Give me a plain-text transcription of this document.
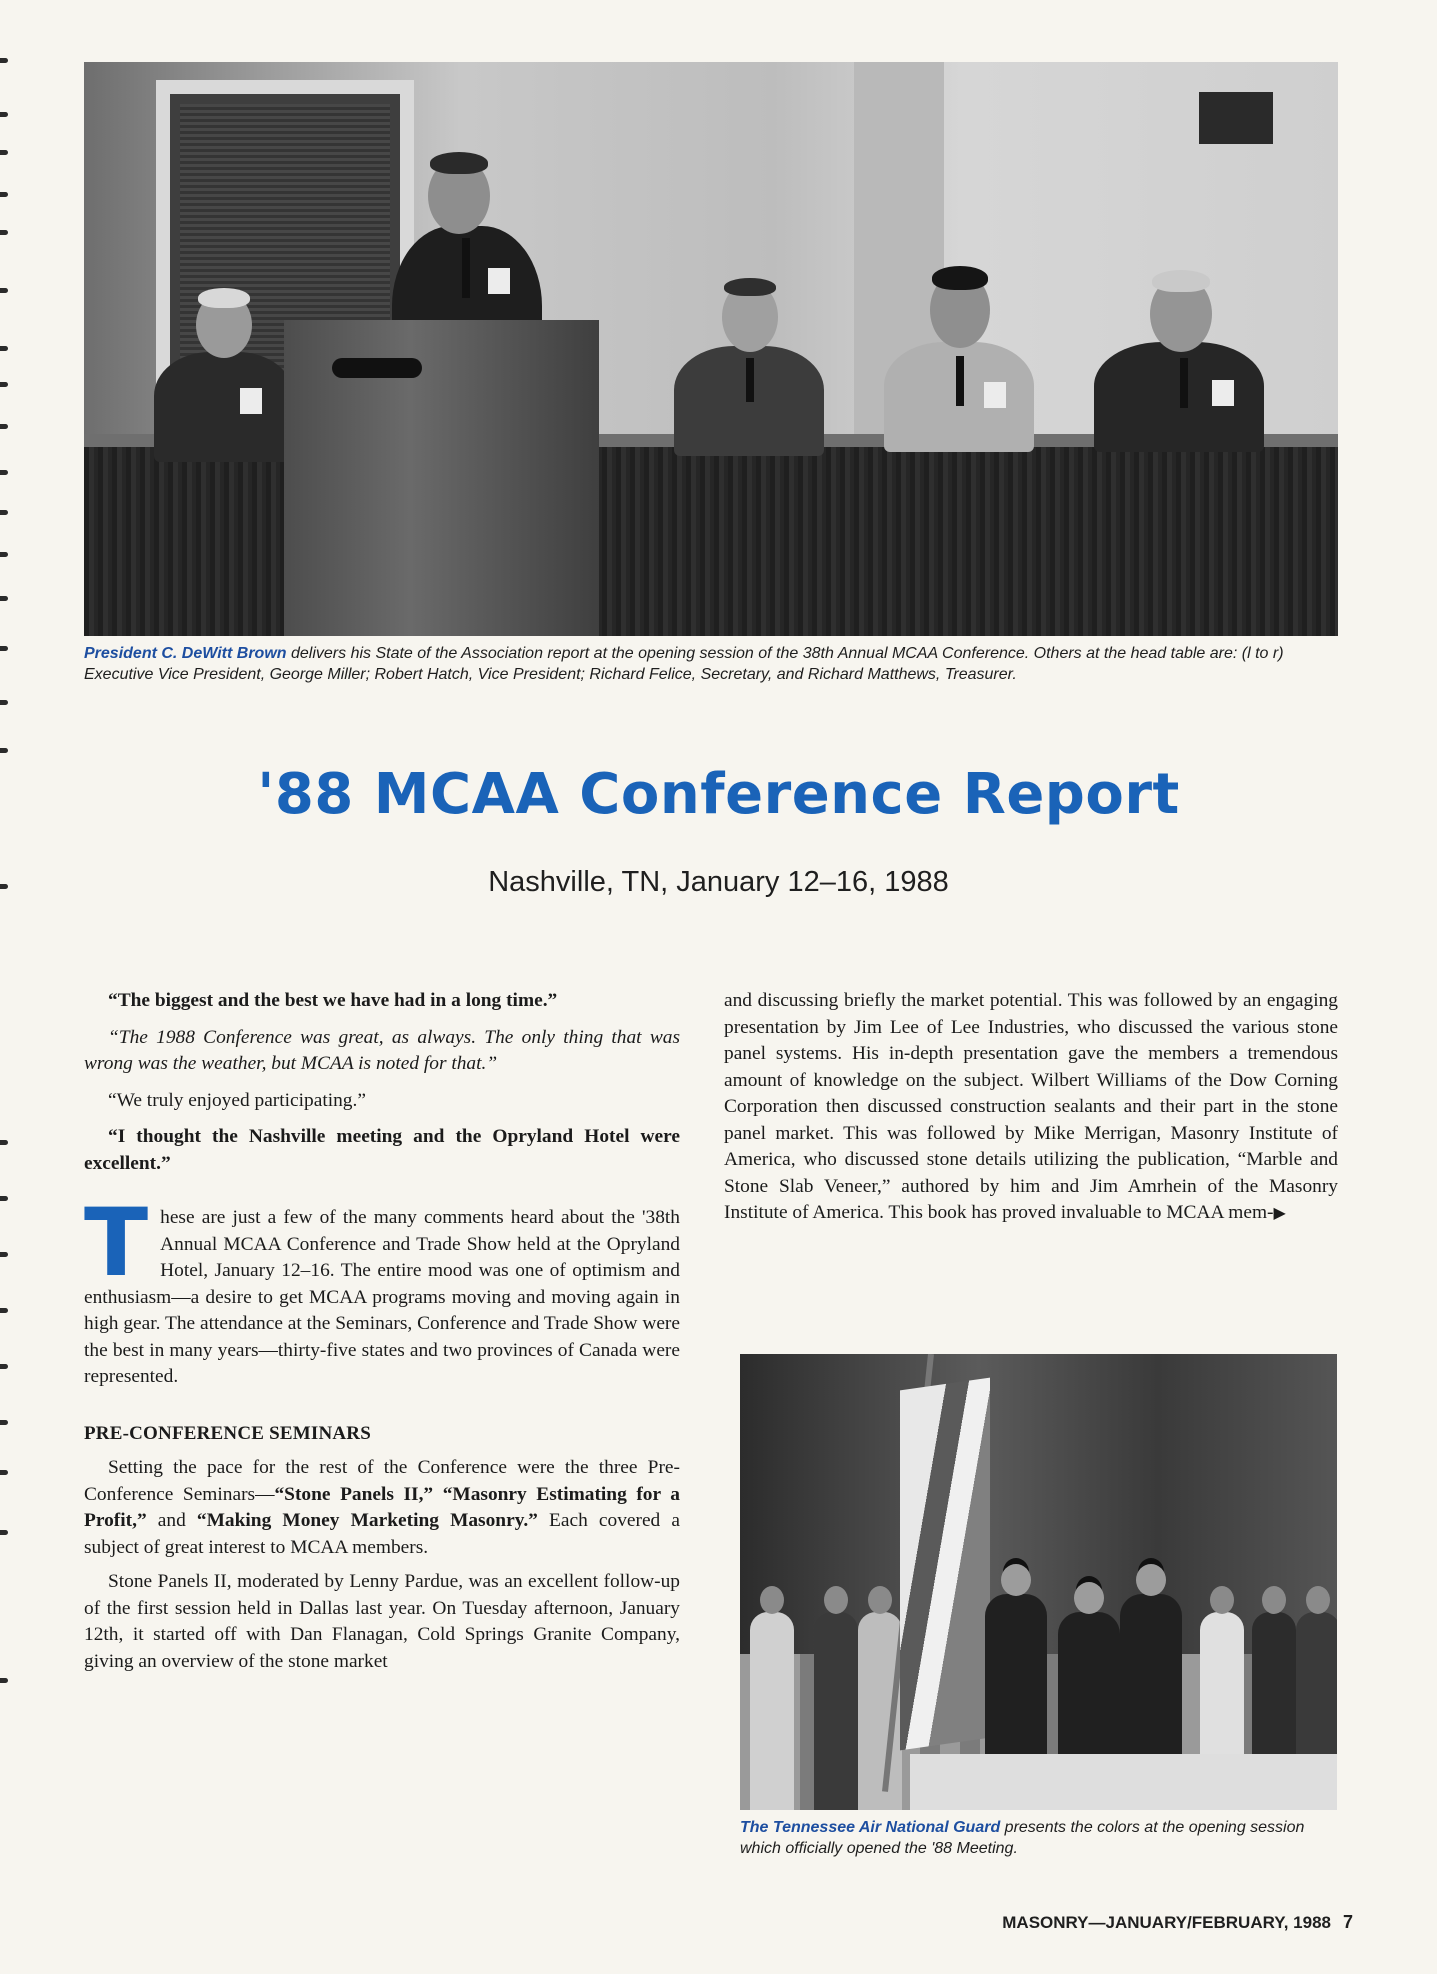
President C. DeWitt Brown delivers his State of the Association report at the opening session of the 38th Annual MCAA Conference. Others at the head table are: (l to r) Executive Vice President, George Miller; Robert Hatch, Vice President; Richard Felice, Secretary, and Richard Matthews, Treasurer.
'88 MCAA Conference Report
Nashville, TN, January 12–16, 1988

“The biggest and the best we have had in a long time.”

“The 1988 Conference was great, as always. The only thing that was wrong was the weather, but MCAA is noted for that.”

“We truly enjoyed participating.”

“I thought the Nashville meeting and the Opryland Hotel were excellent.”

These are just a few of the many comments heard about the '38th Annual MCAA Conference and Trade Show held at the Opryland Hotel, January 12–16. The entire mood was one of optimism and enthusiasm—a desire to get MCAA programs moving and moving again in high gear. The attendance at the Seminars, Conference and Trade Show were the best in many years—thirty-five states and two provinces of Canada were represented.

PRE-CONFERENCE SEMINARS

Setting the pace for the rest of the Conference were the three Pre-Conference Seminars—“Stone Panels II,” “Masonry Estimating for a Profit,” and “Making Money Marketing Masonry.” Each covered a subject of great interest to MCAA members.

Stone Panels II, moderated by Lenny Pardue, was an excellent follow-up of the first session held in Dallas last year. On Tuesday afternoon, January 12th, it started off with Dan Flanagan, Cold Springs Granite Company, giving an overview of the stone market

and discussing briefly the market potential. This was followed by an engaging presentation by Jim Lee of Lee Industries, who discussed the various stone panel systems. His in-depth presentation gave the members a tremendous amount of knowledge on the subject. Wilbert Williams of the Dow Corning Corporation then discussed construction sealants and their part in the stone panel market. This was followed by Mike Merrigan, Masonry Institute of America, who discussed stone details utilizing the publication, “Marble and Stone Slab Veneer,” authored by him and Jim Amrhein of the Masonry Institute of America. This book has proved invaluable to MCAA mem-▶

The Tennessee Air National Guard presents the colors at the opening session which officially opened the '88 Meeting.
MASONRY—JANUARY/FEBRUARY, 1988 7
